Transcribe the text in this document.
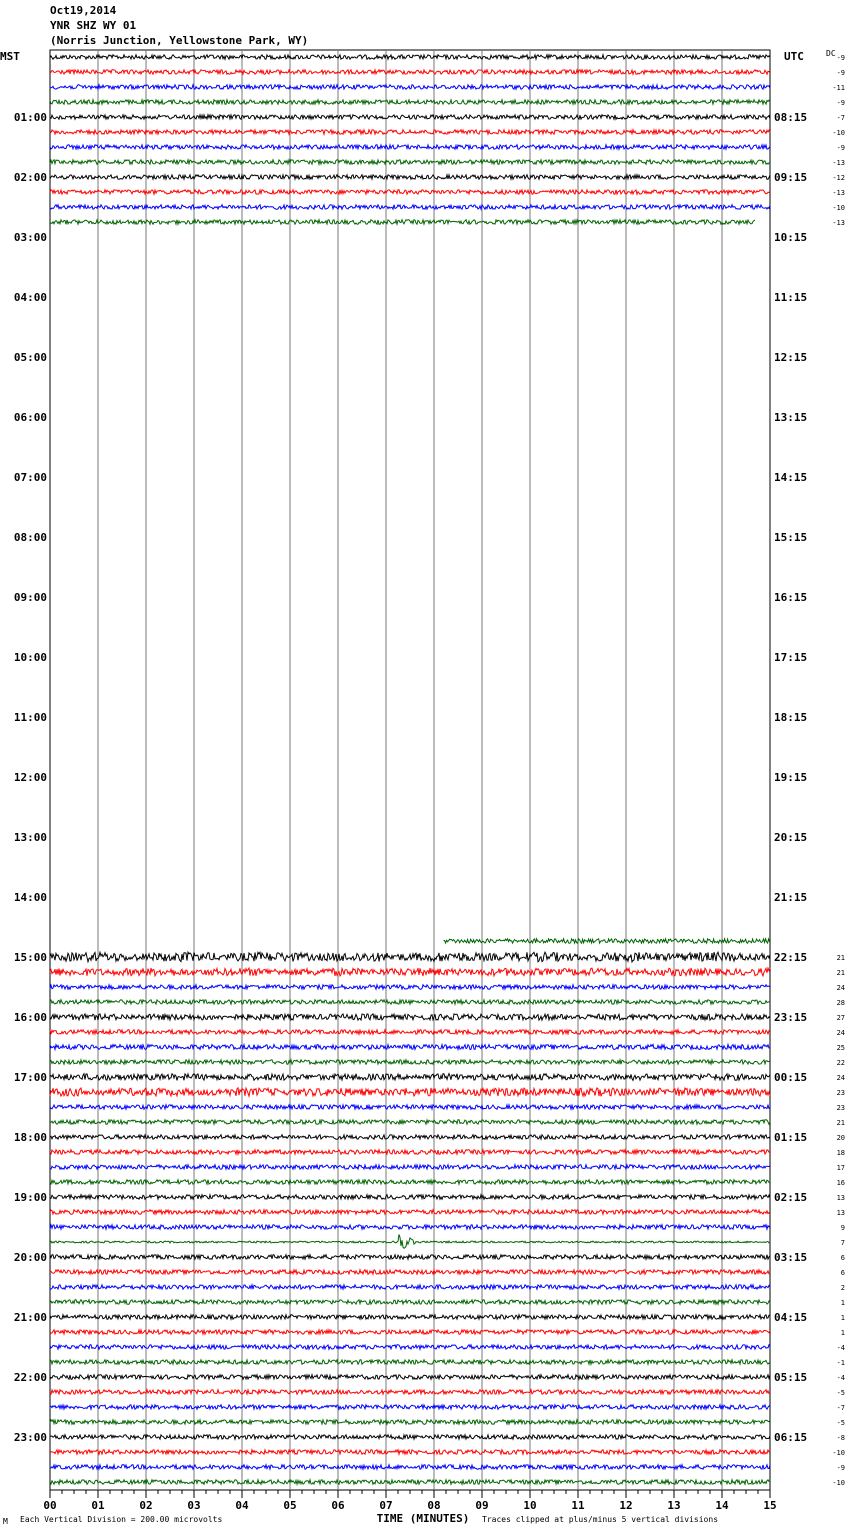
Oct19,2014
YNR SHZ WY 01
(Norris Junction, Yellowstone Park, WY)
MST	UTC	DC
00	01	02	03	04	05	06	07	08	09	10	11	12	13	14	15
-9
-9
-11
-9
01:00	08:15	-7
-10
-9
-13
02:00	09:15	-12
-13
-10
-13
03:00	10:15
04:00	11:15
05:00	12:15
06:00	13:15
07:00	14:15
08:00	15:15
09:00	16:15
10:00	17:15
11:00	18:15
12:00	19:15
13:00	20:15
14:00	21:15
15:00	22:15	21
21
24
28
16:00	23:15	27
24
25
22
17:00	00:15	24
23
23
21
18:00	01:15	20
18
17
16
19:00	02:15	13
13
9
7
20:00	03:15	6
6
2
1
21:00	04:15	1
1
-4
-1
22:00	05:15	-4
-5
-7
-5
23:00	06:15	-8
-10
-9
-10
TIME (MINUTES)
M Each Vertical Division = 200.00 microvolts	Traces clipped at plus/minus 5 vertical divisions
